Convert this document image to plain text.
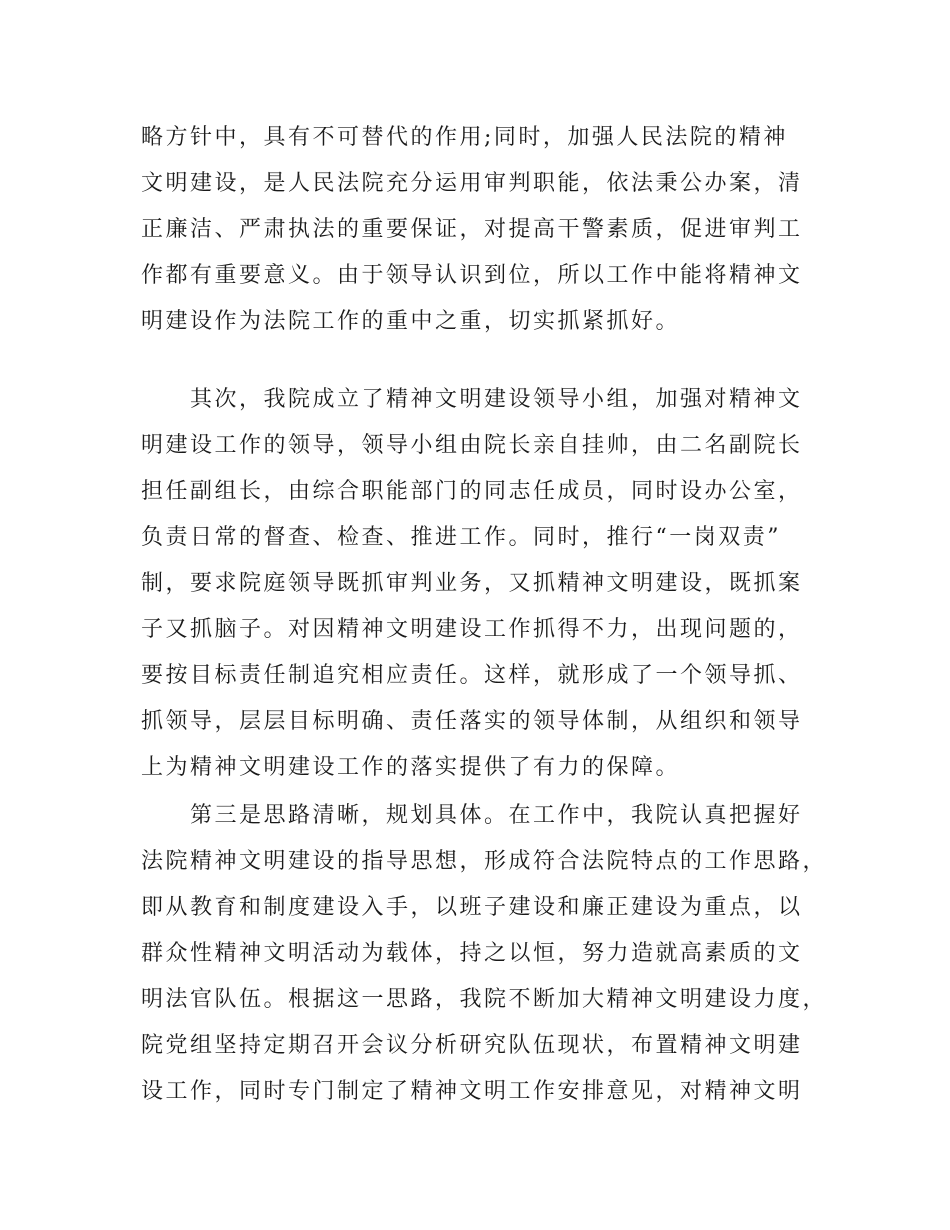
略方针中，具有不可替代的作用;同时，加强人民法院的精神
文明建设，是人民法院充分运用审判职能，依法秉公办案，清
正廉洁、严肃执法的重要保证，对提高干警素质，促进审判工
作都有重要意义。由于领导认识到位，所以工作中能将精神文
明建设作为法院工作的重中之重，切实抓紧抓好。
　　其次，我院成立了精神文明建设领导小组，加强对精神文
明建设工作的领导，领导小组由院长亲自挂帅，由二名副院长
担任副组长，由综合职能部门的同志任成员，同时设办公室，
负责日常的督查、检查、推进工作。同时，推行“一岗双责”
制，要求院庭领导既抓审判业务，又抓精神文明建设，既抓案
子又抓脑子。对因精神文明建设工作抓得不力，出现问题的，
要按目标责任制追究相应责任。这样，就形成了一个领导抓、
抓领导，层层目标明确、责任落实的领导体制，从组织和领导
上为精神文明建设工作的落实提供了有力的保障。
　　第三是思路清晰，规划具体。在工作中，我院认真把握好
法院精神文明建设的指导思想，形成符合法院特点的工作思路，
即从教育和制度建设入手，以班子建设和廉正建设为重点，以
群众性精神文明活动为载体，持之以恒，努力造就高素质的文
明法官队伍。根据这一思路，我院不断加大精神文明建设力度，
院党组坚持定期召开会议分析研究队伍现状，布置精神文明建
设工作，同时专门制定了精神文明工作安排意见，对精神文明
